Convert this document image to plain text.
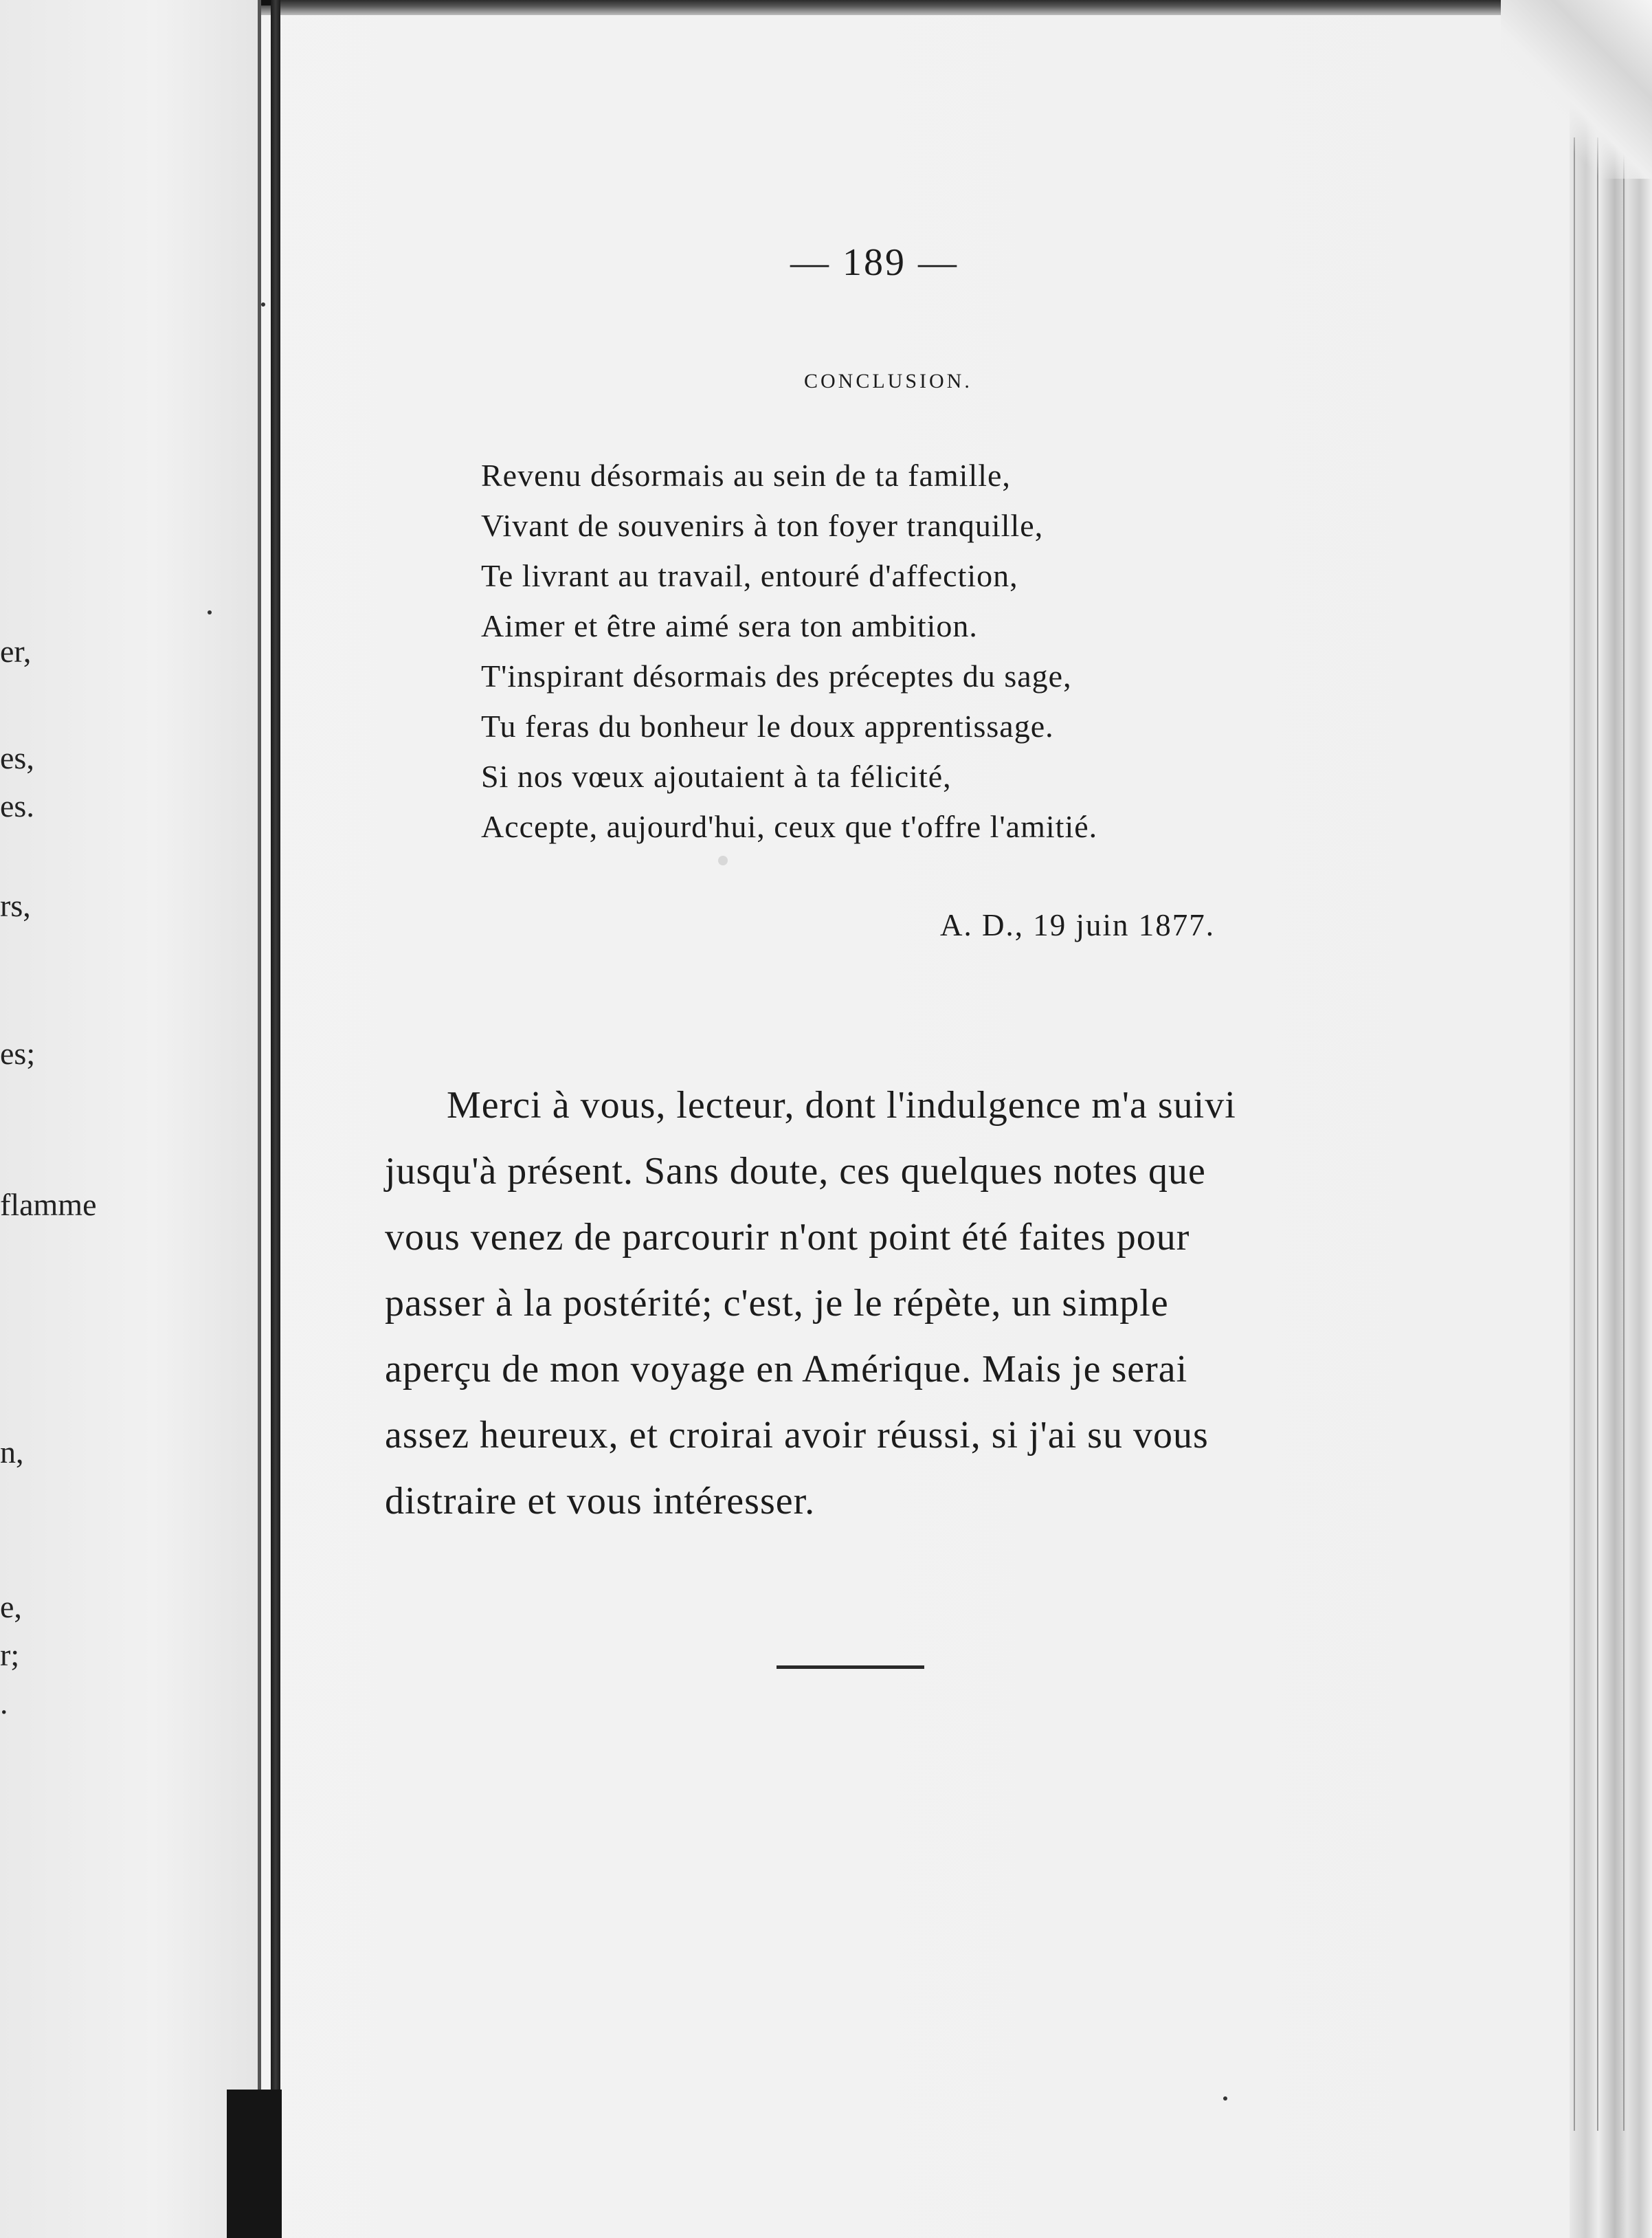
er,
es,
es.
rs,
es;
flamme
n,
e,
r;
.
— 189 —
CONCLUSION.
Revenu désormais au sein de ta famille,
Vivant de souvenirs à ton foyer tranquille,
Te livrant au travail, entouré d'affection,
Aimer et être aimé sera ton ambition.
T'inspirant désormais des préceptes du sage,
Tu feras du bonheur le doux apprentissage.
Si nos vœux ajoutaient à ta félicité,
Accepte, aujourd'hui, ceux que t'offre l'amitié.
A. D., 19 juin 1877.
Merci à vous, lecteur, dont l'indulgence m'a suivi
jusqu'à présent. Sans doute, ces quelques notes que
vous venez de parcourir n'ont point été faites pour
passer à la postérité; c'est, je le répète, un simple
aperçu de mon voyage en Amérique. Mais je serai
assez heureux, et croirai avoir réussi, si j'ai su vous
distraire et vous intéresser.
